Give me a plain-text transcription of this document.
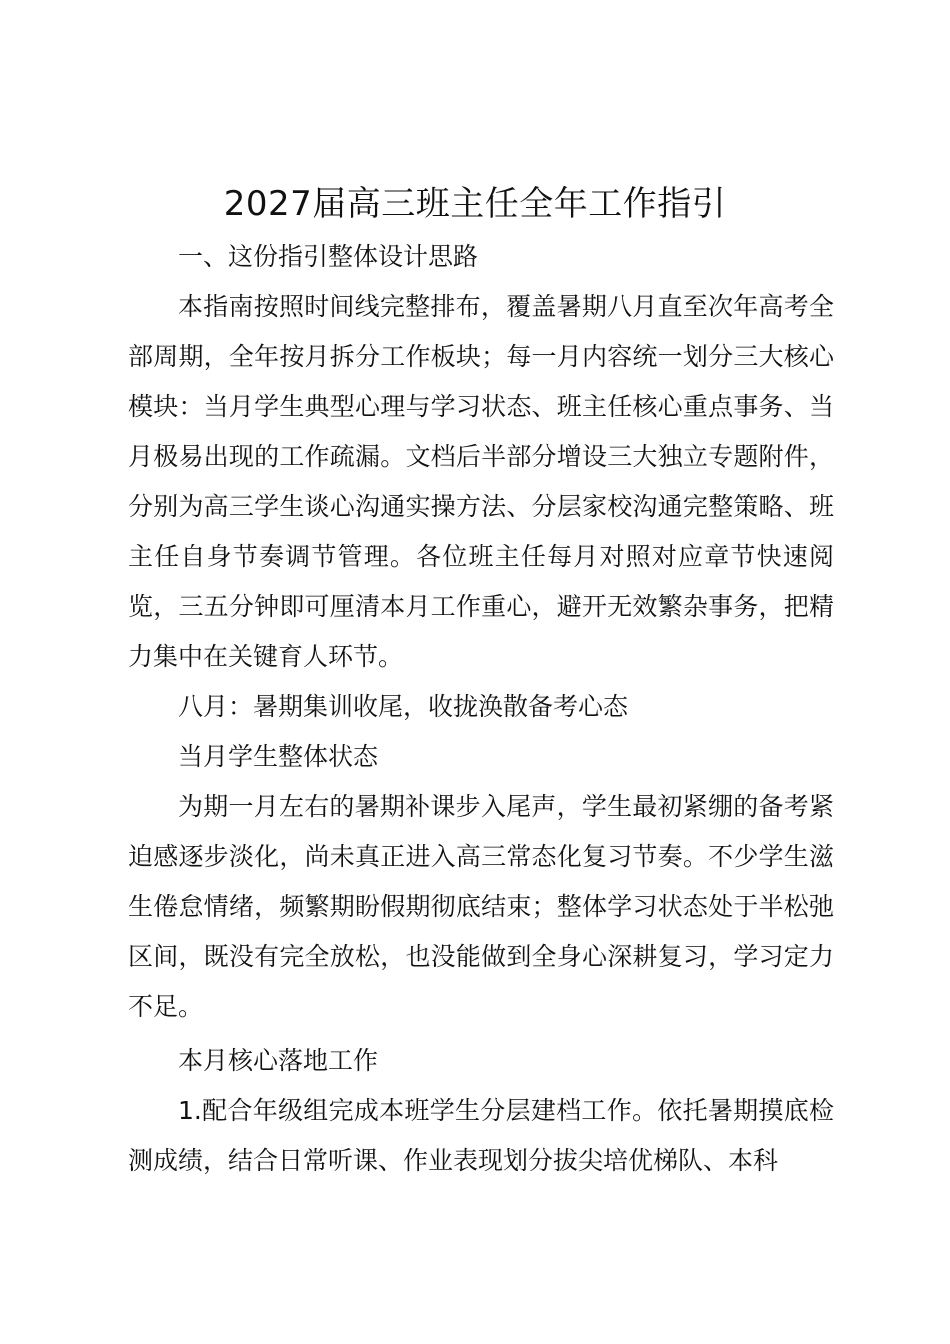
2027届高三班主任全年工作指引

一、这份指引整体设计思路

本指南按照时间线完整排布，覆盖暑期八月直至次年高考全部周期，全年按月拆分工作板块；每一月内容统一划分三大核心模块：当月学生典型心理与学习状态、班主任核心重点事务、当月极易出现的工作疏漏。文档后半部分增设三大独立专题附件，分别为高三学生谈心沟通实操方法、分层家校沟通完整策略、班主任自身节奏调节管理。各位班主任每月对照对应章节快速阅览，三五分钟即可厘清本月工作重心，避开无效繁杂事务，把精力集中在关键育人环节。

八月：暑期集训收尾，收拢涣散备考心态

当月学生整体状态

为期一月左右的暑期补课步入尾声，学生最初紧绷的备考紧迫感逐步淡化，尚未真正进入高三常态化复习节奏。不少学生滋生倦怠情绪，频繁期盼假期彻底结束；整体学习状态处于半松弛区间，既没有完全放松，也没能做到全身心深耕复习，学习定力不足。

本月核心落地工作

1.配合年级组完成本班学生分层建档工作。依托暑期摸底检测成绩，结合日常听课、作业表现划分拔尖培优梯队、本科
